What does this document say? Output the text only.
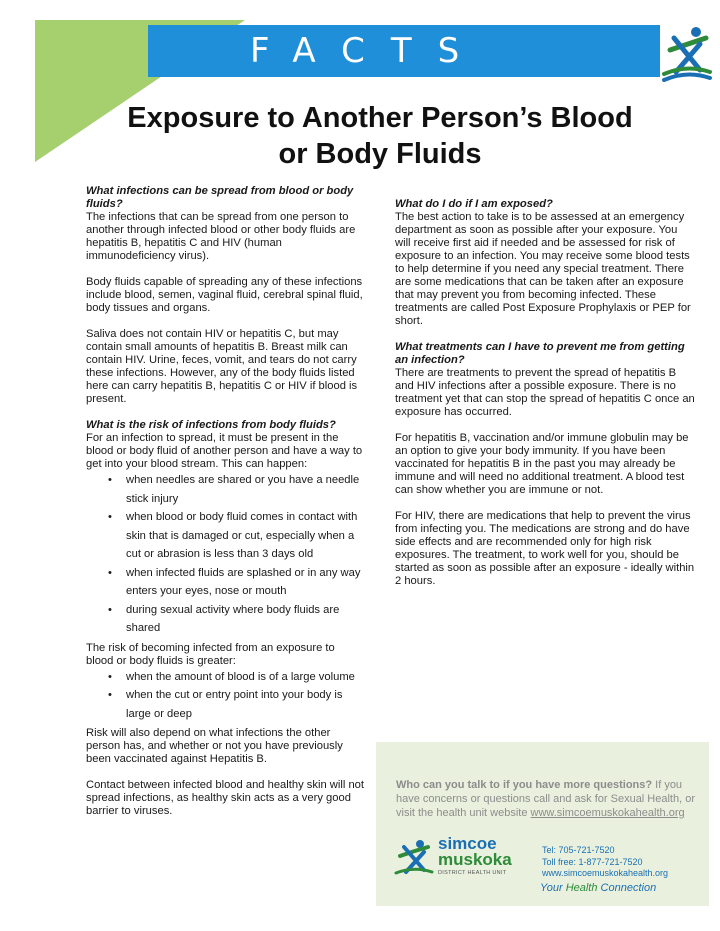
FACTS
Exposure to Another Person’s Blood
or Body Fluids

What infections can be spread from blood or body fluids?

The infections that can be spread from one person to another through infected blood or other body fluids are hepatitis B, hepatitis C and HIV (human immunodeficiency virus).

Body fluids capable of spreading any of these infections include blood, semen, vaginal fluid, cerebral spinal fluid, body tissues and organs.

Saliva does not contain HIV or hepatitis C, but may contain small amounts of hepatitis B. Breast milk can contain HIV. Urine, feces, vomit, and tears do not carry these infections. However, any of the body fluids listed here can carry hepatitis B, hepatitis C or HIV if blood is present.

What is the risk of infections from body fluids?

For an infection to spread, it must be present in the blood or body fluid of another person and have a way to get into your blood stream. This can happen:

• when needles are shared or you have a needle stick injury
• when blood or body fluid comes in contact with skin that is damaged or cut, especially when a cut or abrasion is less than 3 days old
• when infected fluids are splashed or in any way enters your eyes, nose or mouth
• during sexual activity where body fluids are shared

The risk of becoming infected from an exposure to blood or body fluids is greater:

• when the amount of blood is of a large volume
• when the cut or entry point into your body is large or deep

Risk will also depend on what infections the other person has, and whether or not you have previously been vaccinated against Hepatitis B.

Contact between infected blood and healthy skin will not spread infections, as healthy skin acts as a very good barrier to viruses.

What do I do if I am exposed?

The best action to take is to be assessed at an emergency department as soon as possible after your exposure. You will receive first aid if needed and be assessed for risk of exposure to an infection. You may receive some blood tests to help determine if you need any special treatment. There are some medications that can be taken after an exposure that may prevent you from becoming infected. These treatments are called Post Exposure Prophylaxis or PEP for short.

What treatments can I have to prevent me from getting an infection?

There are treatments to prevent the spread of hepatitis B and HIV infections after a possible exposure. There is no treatment yet that can stop the spread of hepatitis C once an exposure has occurred.

For hepatitis B, vaccination and/or immune globulin may be an option to give your body immunity. If you have been vaccinated for hepatitis B in the past you may already be immune and will need no additional treatment. A blood test can show whether you are immune or not.

For HIV, there are medications that help to prevent the virus from infecting you. The medications are strong and do have side effects and are recommended only for high risk exposures. The treatment, to work well for you, should be started as soon as possible after an exposure - ideally within 2 hours.

Who can you talk to if you have more questions? If you have concerns or questions call and ask for Sexual Health, or visit the health unit website www.simcoemuskokahealth.org
simcoe
muskoka
DISTRICT HEALTH UNIT
Tel: 705-721-7520
Toll free: 1-877-721-7520
www.simcoemuskokahealth.org
Your Health Connection
